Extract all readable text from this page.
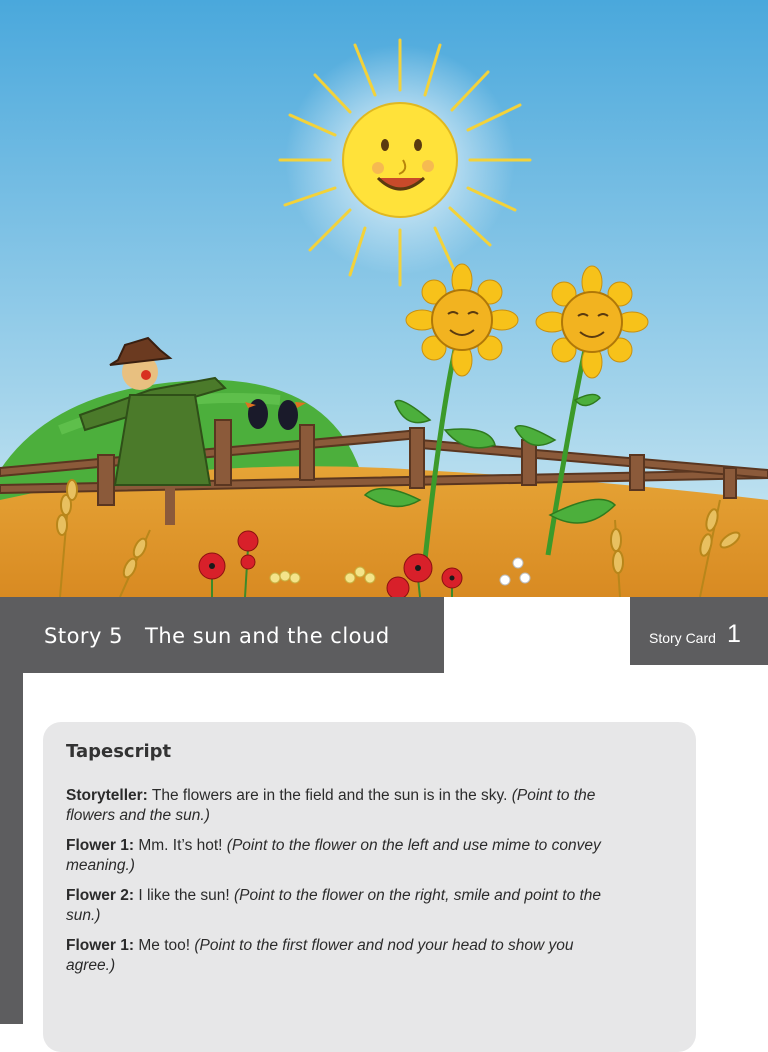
Story 5 The sun and the cloud	Story Card 1
Tapescript

Storyteller: The flowers are in the field and the sun is in the sky. (Point to the flowers and the sun.)

Flower 1: Mm. It’s hot! (Point to the flower on the left and use mime to convey meaning.)

Flower 2: I like the sun! (Point to the flower on the right, smile and point to the sun.)

Flower 1: Me too! (Point to the first flower and nod your head to show you agree.)
